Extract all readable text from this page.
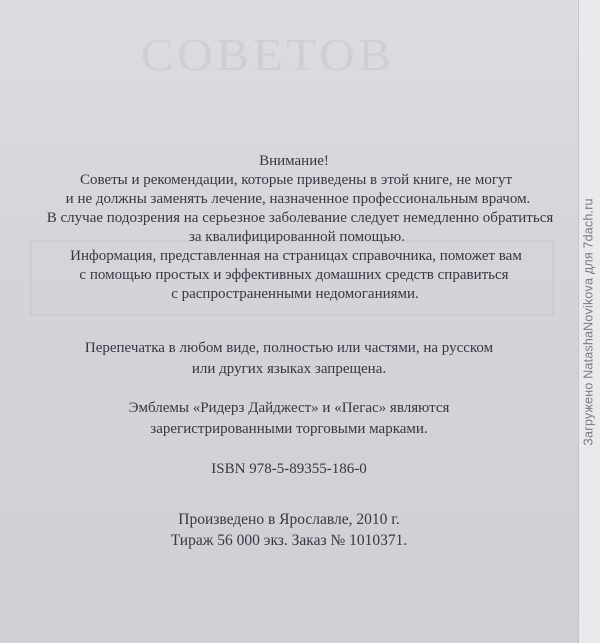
СОВЕТОВ
Внимание!
Советы и рекомендации, которые приведены в этой книге, не могут
и не должны заменять лечение, назначенное профессиональным врачом.
В случае подозрения на серьезное заболевание следует немедленно обратиться
за квалифицированной помощью.
Информация, представленная на страницах справочника, поможет вам
с помощью простых и эффективных домашних средств справиться
с распространенными недомоганиями.
Перепечатка в любом виде, полностью или частями, на русском
или других языках запрещена.
Эмблемы «Ридерз Дайджест» и «Пегас» являются
зарегистрированными торговыми марками.
ISBN 978-5-89355-186-0
Произведено в Ярославле, 2010 г.
Тираж 56 000 экз. Заказ № 1010371.
Загружено NatashaNovikova для 7dach.ru
